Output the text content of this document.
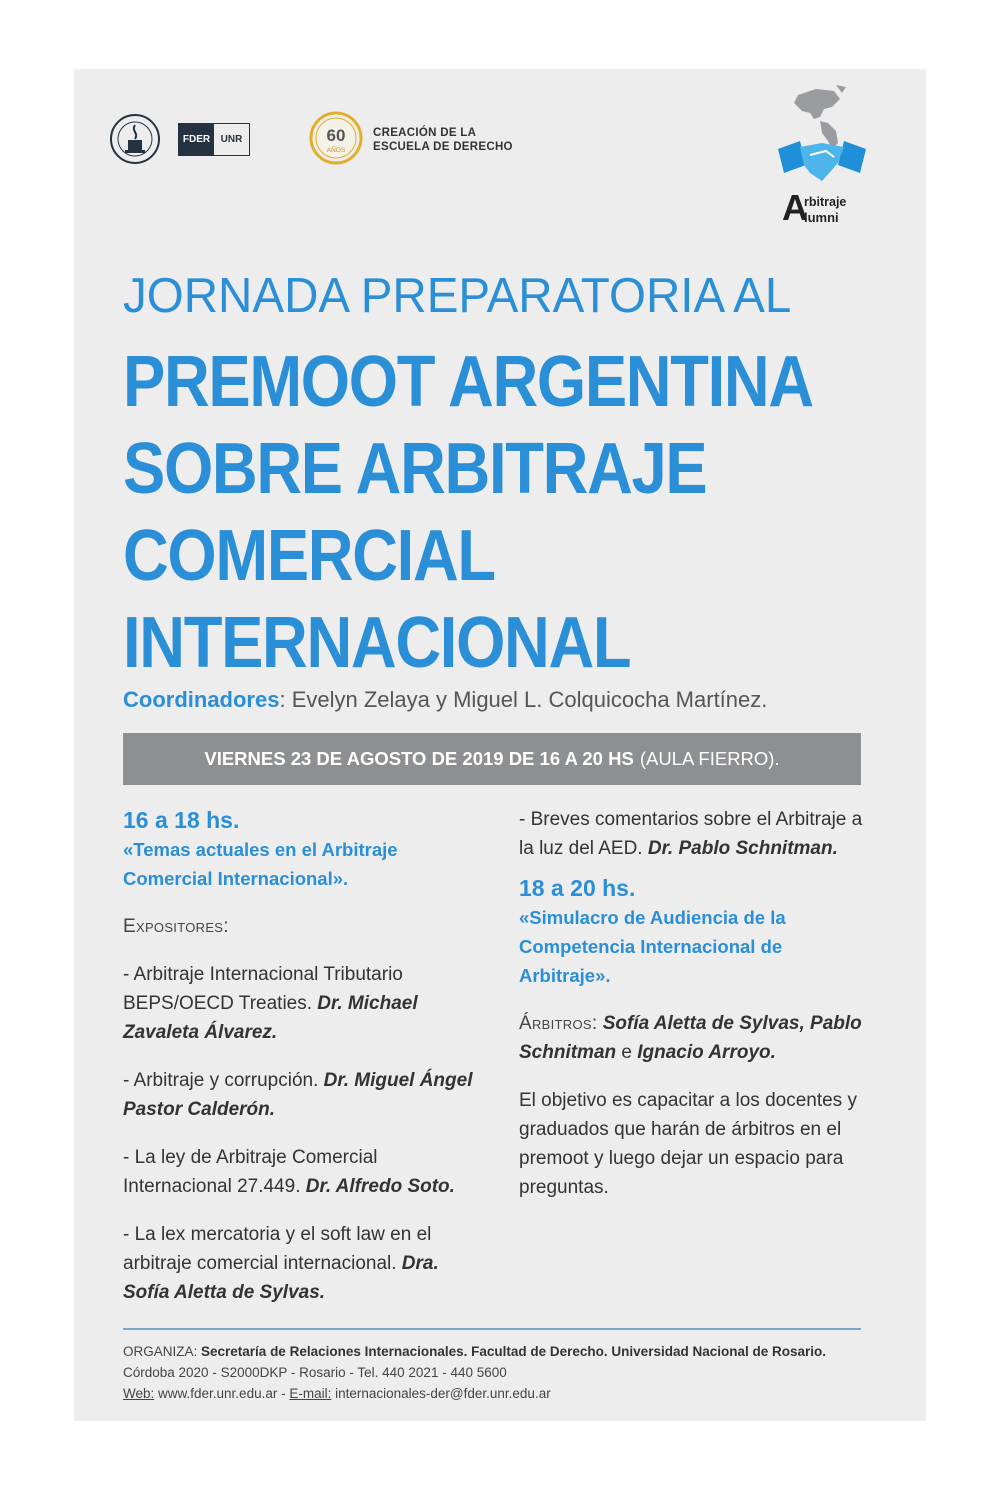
FDER	UNR	60
AÑOS
CREACIÓN DE LA
ESCUELA DE DERECHO
A
rbitraje
lumni
JORNADA PREPARATORIA AL
PREMOOT ARGENTINA
SOBRE ARBITRAJE
COMERCIAL
INTERNACIONAL
Coordinadores: Evelyn Zelaya y Miguel L. Colquicocha Martínez.
VIERNES 23 DE AGOSTO DE 2019 DE 16 A 20 HS (AULA FIERRO).
16 a 18 hs.
«Temas actuales en el Arbitraje Comercial Internacional».
Expositores:

- Arbitraje Internacional Tributario BEPS/OECD Treaties. Dr. Michael Zavaleta Álvarez.

- Arbitraje y corrupción. Dr. Miguel Ángel Pastor Calderón.

- La ley de Arbitraje Comercial Internacional 27.449. Dr. Alfredo Soto.

- La lex mercatoria y el soft law en el arbitraje comercial internacional. Dra. Sofía Aletta de Sylvas.

- Breves comentarios sobre el Arbitraje a la luz del AED. Dr. Pablo Schnitman.

18 a 20 hs.
«Simulacro de Audiencia de la Competencia Internacional de Arbitraje».

Árbitros: Sofía Aletta de Sylvas, Pablo Schnitman e Ignacio Arroyo.

El objetivo es capacitar a los docentes y graduados que harán de árbitros en el premoot y luego dejar un espacio para preguntas.

ORGANIZA: Secretaría de Relaciones Internacionales. Facultad de Derecho. Universidad Nacional de Rosario.
Córdoba 2020 - S2000DKP - Rosario - Tel. 440 2021 - 440 5600
Web: www.fder.unr.edu.ar - E-mail: internacionales-der@fder.unr.edu.ar
